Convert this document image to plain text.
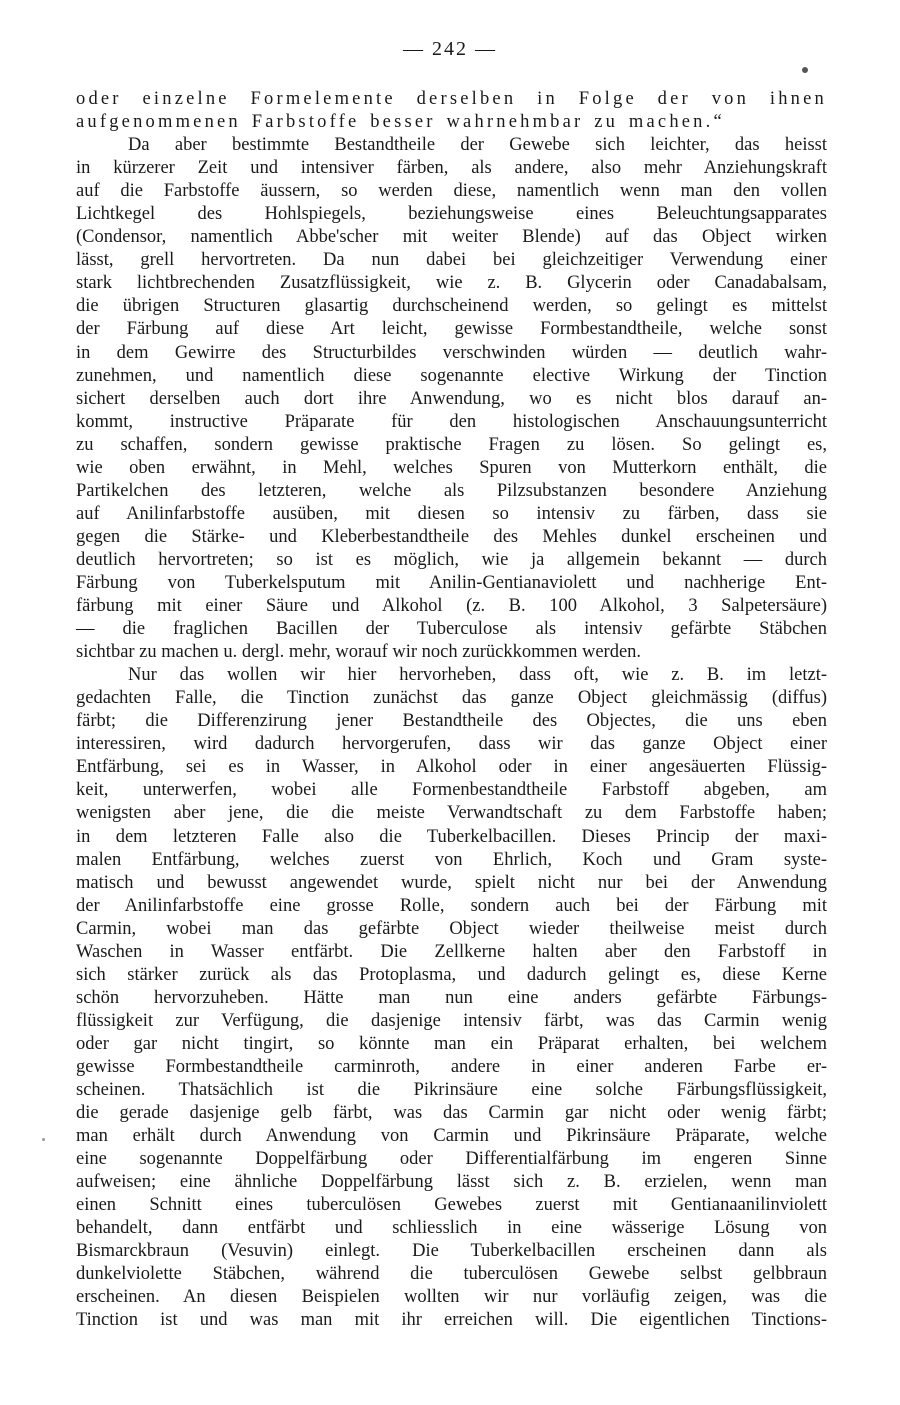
— 242 —
oder einzelne Formelemente derselben in Folge der von ihnen
aufgenommenen Farbstoffe besser wahrnehmbar zu machen.“
Da aber bestimmte Bestandtheile der Gewebe sich leichter, das heisst
in kürzerer Zeit und intensiver färben, als andere, also mehr Anziehungskraft
auf die Farbstoffe äussern, so werden diese, namentlich wenn man den vollen
Lichtkegel des Hohlspiegels, beziehungsweise eines Beleuchtungsapparates
(Condensor, namentlich Abbe'scher mit weiter Blende) auf das Object wirken
lässt, grell hervortreten. Da nun dabei bei gleichzeitiger Verwendung einer
stark lichtbrechenden Zusatzflüssigkeit, wie z. B. Glycerin oder Canadabalsam,
die übrigen Structuren glasartig durchscheinend werden, so gelingt es mittelst
der Färbung auf diese Art leicht, gewisse Formbestandtheile, welche sonst
in dem Gewirre des Structurbildes verschwinden würden — deutlich wahr-
zunehmen, und namentlich diese sogenannte elective Wirkung der Tinction
sichert derselben auch dort ihre Anwendung, wo es nicht blos darauf an-
kommt, instructive Präparate für den histologischen Anschauungsunterricht
zu schaffen, sondern gewisse praktische Fragen zu lösen. So gelingt es,
wie oben erwähnt, in Mehl, welches Spuren von Mutterkorn enthält, die
Partikelchen des letzteren, welche als Pilzsubstanzen besondere Anziehung
auf Anilinfarbstoffe ausüben, mit diesen so intensiv zu färben, dass sie
gegen die Stärke- und Kleberbestandtheile des Mehles dunkel erscheinen und
deutlich hervortreten; so ist es möglich, wie ja allgemein bekannt — durch
Färbung von Tuberkelsputum mit Anilin-Gentianaviolett und nachherige Ent-
färbung mit einer Säure und Alkohol (z. B. 100 Alkohol, 3 Salpetersäure)
— die fraglichen Bacillen der Tuberculose als intensiv gefärbte Stäbchen
sichtbar zu machen u. dergl. mehr, worauf wir noch zurückkommen werden.
Nur das wollen wir hier hervorheben, dass oft, wie z. B. im letzt-
gedachten Falle, die Tinction zunächst das ganze Object gleichmässig (diffus)
färbt; die Differenzirung jener Bestandtheile des Objectes, die uns eben
interessiren, wird dadurch hervorgerufen, dass wir das ganze Object einer
Entfärbung, sei es in Wasser, in Alkohol oder in einer angesäuerten Flüssig-
keit, unterwerfen, wobei alle Formenbestandtheile Farbstoff abgeben, am
wenigsten aber jene, die die meiste Verwandtschaft zu dem Farbstoffe haben;
in dem letzteren Falle also die Tuberkelbacillen. Dieses Princip der maxi-
malen Entfärbung, welches zuerst von Ehrlich, Koch und Gram syste-
matisch und bewusst angewendet wurde, spielt nicht nur bei der Anwendung
der Anilinfarbstoffe eine grosse Rolle, sondern auch bei der Färbung mit
Carmin, wobei man das gefärbte Object wieder theilweise meist durch
Waschen in Wasser entfärbt. Die Zellkerne halten aber den Farbstoff in
sich stärker zurück als das Protoplasma, und dadurch gelingt es, diese Kerne
schön hervorzuheben. Hätte man nun eine anders gefärbte Färbungs-
flüssigkeit zur Verfügung, die dasjenige intensiv färbt, was das Carmin wenig
oder gar nicht tingirt, so könnte man ein Präparat erhalten, bei welchem
gewisse Formbestandtheile carminroth, andere in einer anderen Farbe er-
scheinen. Thatsächlich ist die Pikrinsäure eine solche Färbungsflüssigkeit,
die gerade dasjenige gelb färbt, was das Carmin gar nicht oder wenig färbt;
man erhält durch Anwendung von Carmin und Pikrinsäure Präparate, welche
eine sogenannte Doppelfärbung oder Differentialfärbung im engeren Sinne
aufweisen; eine ähnliche Doppelfärbung lässt sich z. B. erzielen, wenn man
einen Schnitt eines tuberculösen Gewebes zuerst mit Gentianaanilinviolett
behandelt, dann entfärbt und schliesslich in eine wässerige Lösung von
Bismarckbraun (Vesuvin) einlegt. Die Tuberkelbacillen erscheinen dann als
dunkelviolette Stäbchen, während die tuberculösen Gewebe selbst gelbbraun
erscheinen. An diesen Beispielen wollten wir nur vorläufig zeigen, was die
Tinction ist und was man mit ihr erreichen will. Die eigentlichen Tinctions-
